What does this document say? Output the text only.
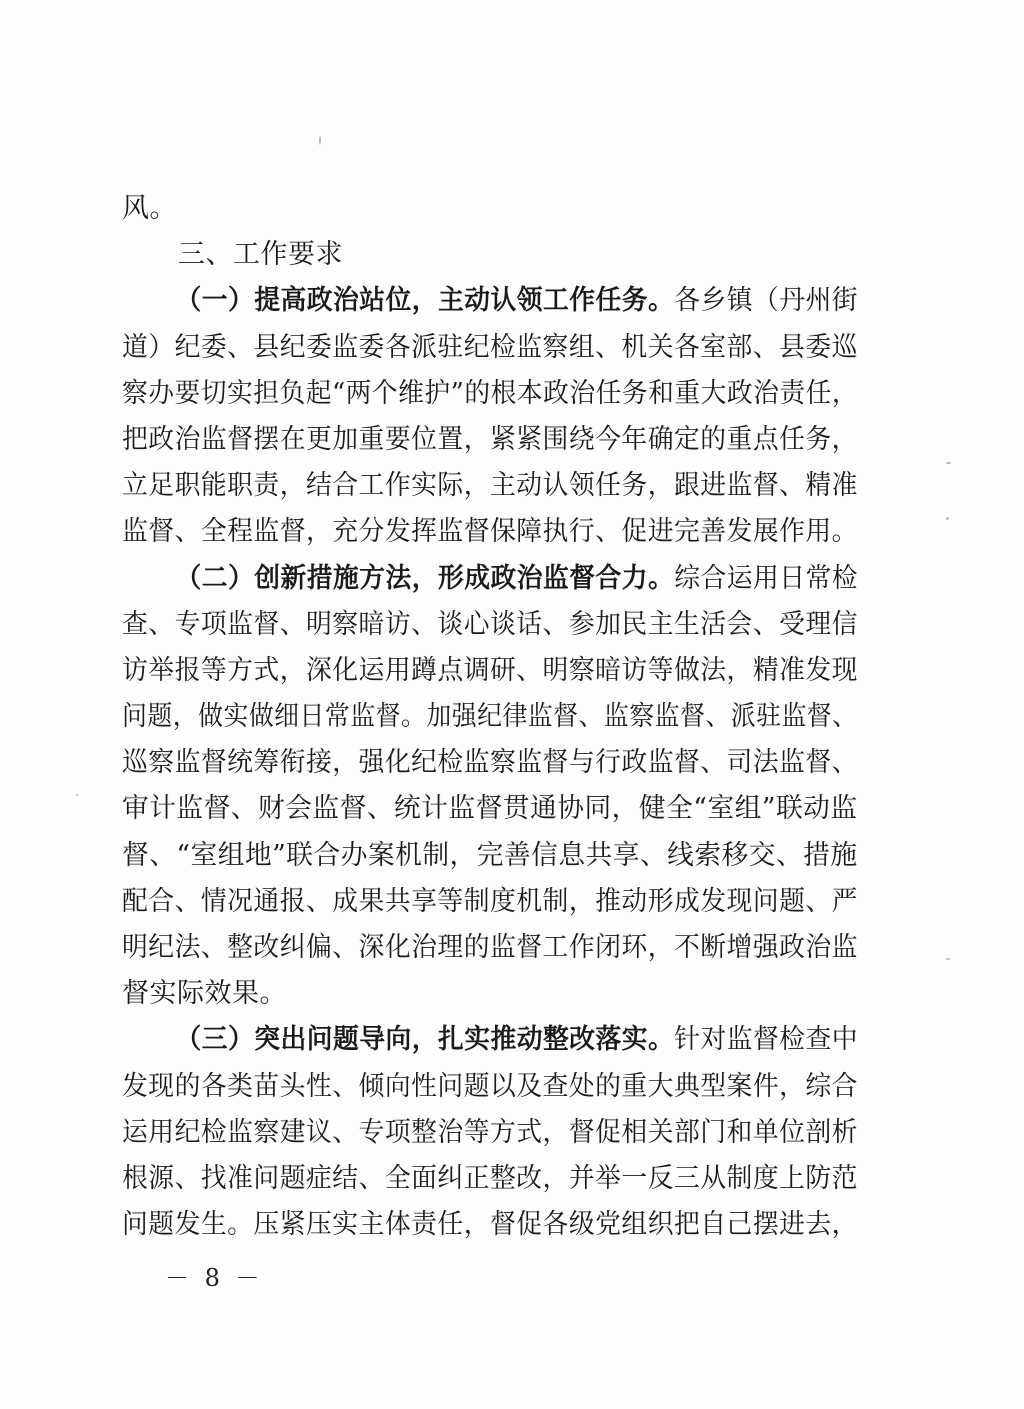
风。
三、工作要求
（一）提高政治站位，主动认领工作任务。各乡镇（丹州街
道）纪委、县纪委监委各派驻纪检监察组、机关各室部、县委巡
察办要切实担负起“两个维护”的根本政治任务和重大政治责任，
把政治监督摆在更加重要位置，紧紧围绕今年确定的重点任务，
立足职能职责，结合工作实际，主动认领任务，跟进监督、精准
监督、全程监督，充分发挥监督保障执行、促进完善发展作用。
（二）创新措施方法，形成政治监督合力。综合运用日常检
查、专项监督、明察暗访、谈心谈话、参加民主生活会、受理信
访举报等方式，深化运用蹲点调研、明察暗访等做法，精准发现
问题，做实做细日常监督。加强纪律监督、监察监督、派驻监督、
巡察监督统筹衔接，强化纪检监察监督与行政监督、司法监督、
审计监督、财会监督、统计监督贯通协同，健全“室组”联动监
督、“室组地”联合办案机制，完善信息共享、线索移交、措施
配合、情况通报、成果共享等制度机制，推动形成发现问题、严
明纪法、整改纠偏、深化治理的监督工作闭环，不断增强政治监
督实际效果。
（三）突出问题导向，扎实推动整改落实。针对监督检查中
发现的各类苗头性、倾向性问题以及查处的重大典型案件，综合
运用纪检监察建议、专项整治等方式，督促相关部门和单位剖析
根源、找准问题症结、全面纠正整改，并举一反三从制度上防范
问题发生。压紧压实主体责任，督促各级党组织把自己摆进去，
－ 8 －
